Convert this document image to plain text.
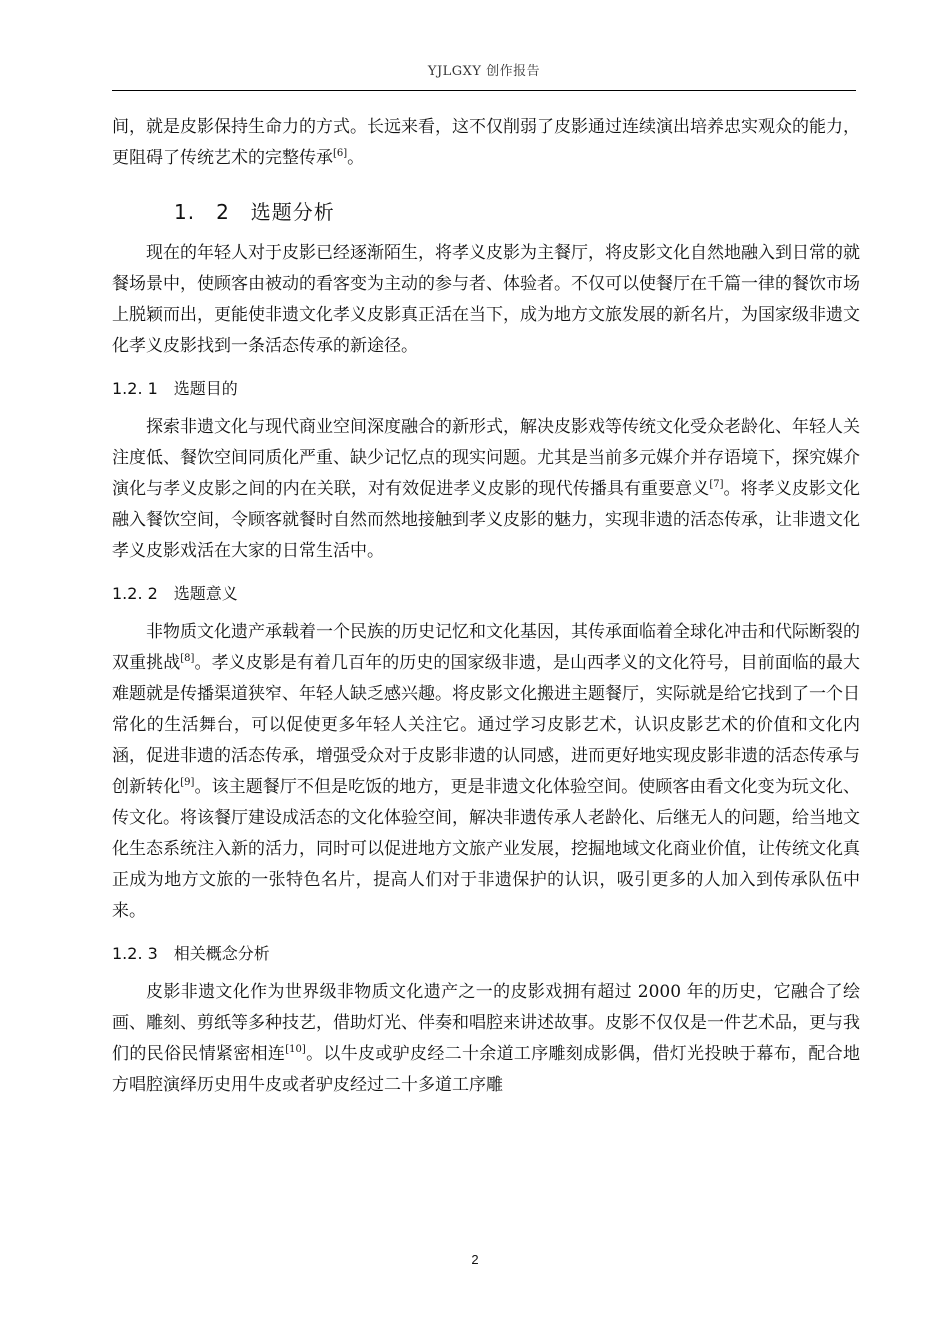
YJLGXY 创作报告

间，就是皮影保持生命力的方式。长远来看，这不仅削弱了皮影通过连续演出培养忠实观众的能力，更阻碍了传统艺术的完整传承[6]。

1.　2　选题分析

现在的年轻人对于皮影已经逐渐陌生，将孝义皮影为主餐厅，将皮影文化自然地融入到日常的就餐场景中，使顾客由被动的看客变为主动的参与者、体验者。不仅可以使餐厅在千篇一律的餐饮市场上脱颖而出，更能使非遗文化孝义皮影真正活在当下，成为地方文旅发展的新名片，为国家级非遗文化孝义皮影找到一条活态传承的新途径。

1.2. 1　选题目的

探索非遗文化与现代商业空间深度融合的新形式，解决皮影戏等传统文化受众老龄化、年轻人关注度低、餐饮空间同质化严重、缺少记忆点的现实问题。尤其是当前多元媒介并存语境下，探究媒介演化与孝义皮影之间的内在关联，对有效促进孝义皮影的现代传播具有重要意义[7]。将孝义皮影文化融入餐饮空间，令顾客就餐时自然而然地接触到孝义皮影的魅力，实现非遗的活态传承，让非遗文化孝义皮影戏活在大家的日常生活中。

1.2. 2　选题意义

非物质文化遗产承载着一个民族的历史记忆和文化基因，其传承面临着全球化冲击和代际断裂的双重挑战[8]。孝义皮影是有着几百年的历史的国家级非遗，是山西孝义的文化符号，目前面临的最大难题就是传播渠道狭窄、年轻人缺乏感兴趣。将皮影文化搬进主题餐厅，实际就是给它找到了一个日常化的生活舞台，可以促使更多年轻人关注它。通过学习皮影艺术，认识皮影艺术的价值和文化内涵，促进非遗的活态传承，增强受众对于皮影非遗的认同感，进而更好地实现皮影非遗的活态传承与创新转化[9]。该主题餐厅不但是吃饭的地方，更是非遗文化体验空间。使顾客由看文化变为玩文化、传文化。将该餐厅建设成活态的文化体验空间，解决非遗传承人老龄化、后继无人的问题，给当地文化生态系统注入新的活力，同时可以促进地方文旅产业发展，挖掘地域文化商业价值，让传统文化真正成为地方文旅的一张特色名片，提高人们对于非遗保护的认识，吸引更多的人加入到传承队伍中来。

1.2. 3　相关概念分析

皮影非遗文化作为世界级非物质文化遗产之一的皮影戏拥有超过 2000 年的历史，它融合了绘画、雕刻、剪纸等多种技艺，借助灯光、伴奏和唱腔来讲述故事。皮影不仅仅是一件艺术品，更与我们的民俗民情紧密相连[10]。以牛皮或驴皮经二十余道工序雕刻成影偶，借灯光投映于幕布，配合地方唱腔演绎历史用牛皮或者驴皮经过二十多道工序雕

2
